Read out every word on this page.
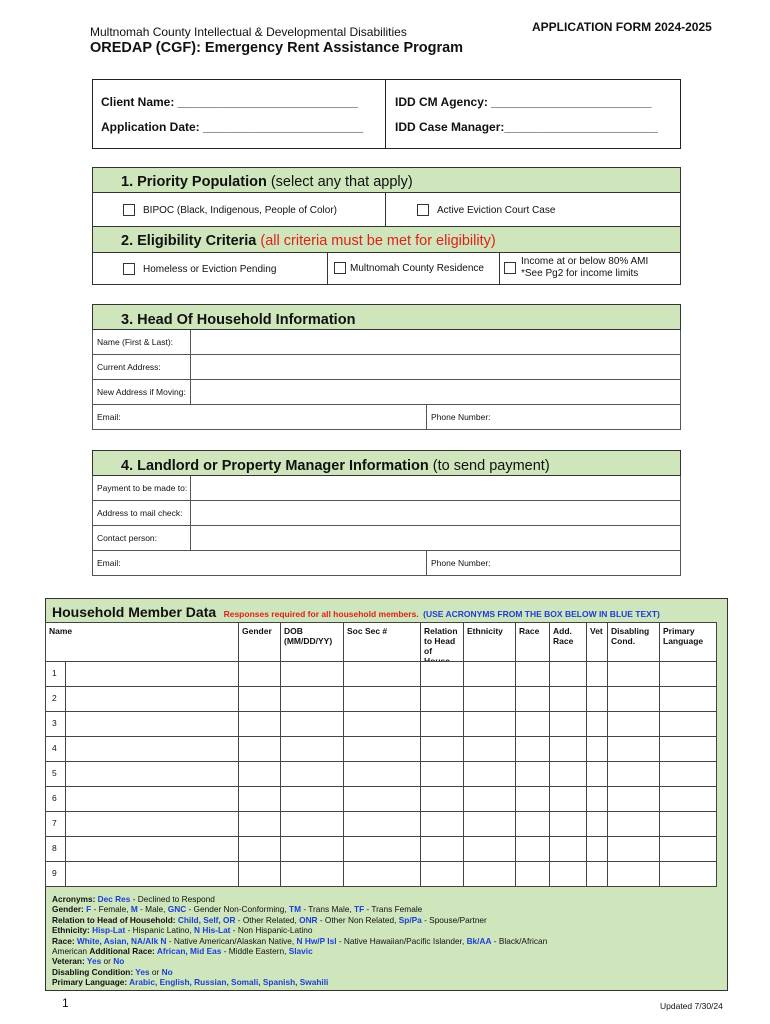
Multnomah County Intellectual & Developmental Disabilities
OREDAP (CGF): Emergency Rent Assistance Program
APPLICATION FORM 2024-2025
Client Name: ___________________________
Application Date: ________________________
IDD CM Agency: ________________________
IDD Case Manager:_______________________
1. Priority Population (select any that apply)
BIPOC (Black, Indigenous, People of Color)	Active Eviction Court Case
2. Eligibility Criteria (all criteria must be met for eligibility)
Homeless or Eviction Pending	Multnomah County Residence
Income at or below 80% AMI
*See Pg2 for income limits
3. Head Of Household Information
Name (First & Last):
Current Address:
New Address if Moving:
Email:	Phone Number:
4. Landlord or Property Manager Information (to send payment)
Payment to be made to:
Address to mail check:
Contact person:
Email:	Phone Number:
Household Member Data Responses required for all household members. (USE ACRONYMS FROM THE BOX BELOW IN BLUE TEXT)
Name	Gender	DOB (MM/DD/YY)	Soc Sec #	Relation to Head of	Ethnicity	Race	Add. Race	Vet	Disabling Cond.	Primary Language
1											
2											
3											
4											
5											
6											
7											
8											
9											
Acronyms: Dec Res - Declined to Respond
Gender: F - Female, M - Male, GNC - Gender Non-Conforming, TM - Trans Male, TF - Trans Female
Relation to Head of Household: Child, Self, OR - Other Related, ONR - Other Non Related, Sp/Pa - Spouse/Partner
Ethnicity: Hisp-Lat - Hispanic Latino, N His-Lat - Non Hispanic-Latino
Race: White, Asian, NA/Alk N - Native American/Alaskan Native, N Hw/P Isl - Native Hawaiian/Pacific Islander, Bk/AA - Black/African
American Additional Race: African, Mid Eas - Middle Eastern, Slavic
Veteran: Yes or No
Disabling Condition: Yes or No
Primary Language: Arabic, English, Russian, Somali, Spanish, Swahili
1	Updated 7/30/24
